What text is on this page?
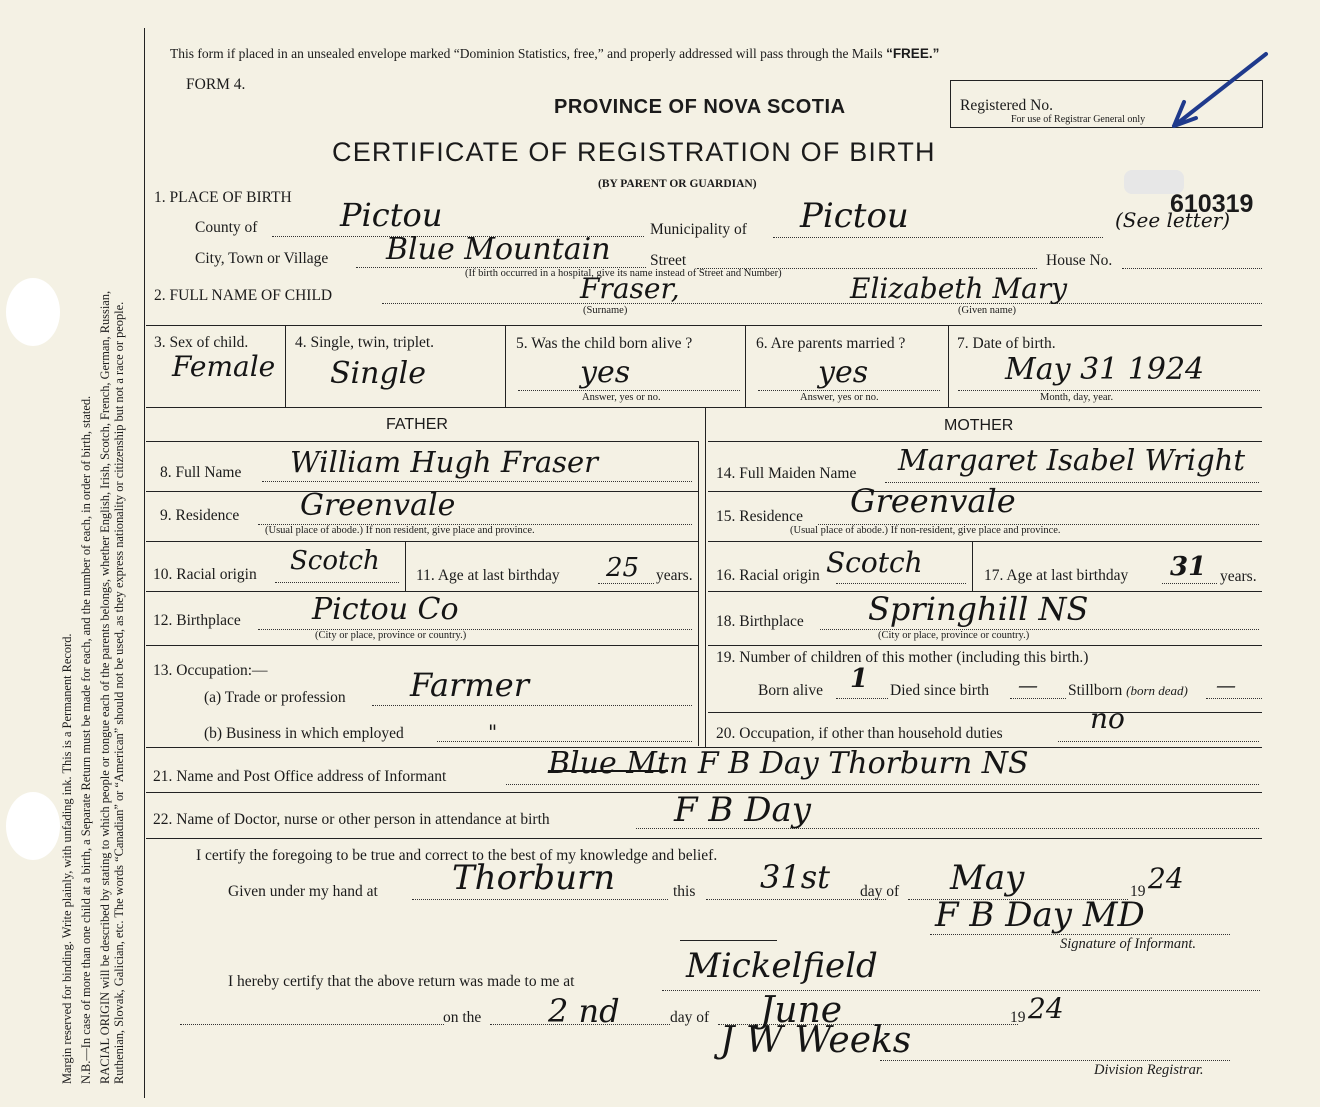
Margin reserved for binding. Write plainly, with unfading ink. This is a Permanent Record. N.B.—In case of more than one child at a birth, a Separate Return must be made for each, and the number of each, in order of birth, stated. RACIAL ORIGIN will be described by stating to which people or tongue each of the parents belongs, whether English, Irish, Scotch, French, German, Russian, Ruthenian, Slovak, Galician, etc. The words “Canadian” or “American” should not be used, as they express nationality or citizenship but not a race or people.
This form if placed in an unsealed envelope marked “Dominion Statistics, free,” and properly addressed will pass through the Mails “FREE.”
FORM 4.
PROVINCE OF NOVA SCOTIA
CERTIFICATE OF REGISTRATION OF BIRTH
(BY PARENT OR GUARDIAN)
Registered No.
For use of Registrar General only
610319
(See letter)
1. PLACE OF BIRTH
County of	Pictou	Municipality of Pictou
City, Town or Village Blue Mountain	Street	House No.
(If birth occurred in a hospital, give its name instead of Street and Number)
2. FULL NAME OF CHILD	Fraser,	Elizabeth Mary
(Surname)	(Given name)
3. Sex of child.
Female
4. Single, twin, triplet.
Single
5. Was the child born alive ?
yes
Answer, yes or no.
6. Are parents married ?
yes
Answer, yes or no.
7. Date of birth.
May 31 1924
Month, day, year.
FATHER	MOTHER
8. Full Name William Hugh Fraser
9. Residence Greenvale
(Usual place of abode.) If non resident, give place and province.
10. Racial origin Scotch 11. Age at last birthday 25 years.
12. Birthplace Pictou Co
(City or place, province or country.)
13. Occupation:—
(a) Trade or profession Farmer
(b) Business in which employed	"
14. Full Maiden Name Margaret Isabel Wright
15. Residence Greenvale
(Usual place of abode.) If non-resident, give place and province.
16. Racial origin Scotch	17. Age at last birthday 31 years.
18. Birthplace Springhill NS
(City or place, province or country.)
19. Number of children of this mother (including this birth.)
Born alive 1 Died since birth — Stillborn (born dead) —
20. Occupation, if other than household duties	no
21. Name and Post Office address of Informant	Blue Mtn F B Day Thorburn NS
22. Name of Doctor, nurse or other person in attendance at birth	F B Day
I certify the foregoing to be true and correct to the best of my knowledge and belief.
Given under my hand at Thorburn	this 31st day of May	19 24
F B Day MD
Signature of Informant.
I hereby certify that the above return was made to me at	Mickelfield
on the 2 nd	day of June	19 24
J W Weeks
Division Registrar.
